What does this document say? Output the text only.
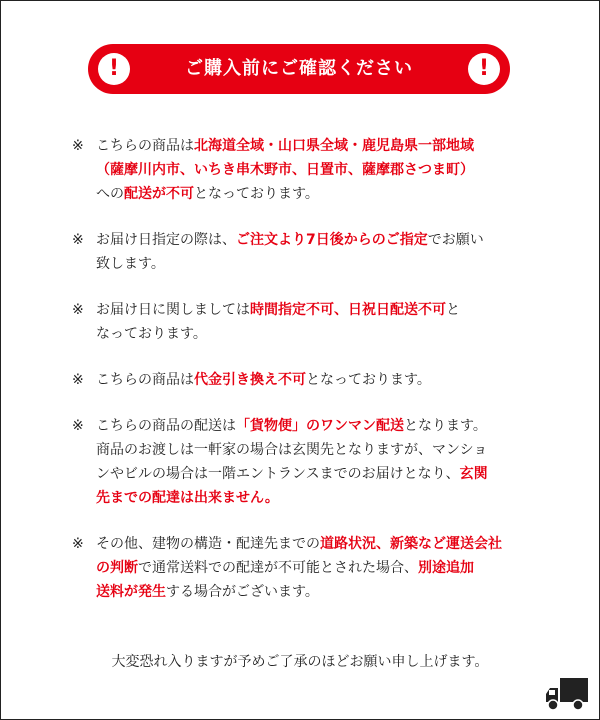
!	ご購入前にご確認ください	!
※ こちらの商品は北海道全域・山口県全域・鹿児島県一部地域
（薩摩川内市、いちき串木野市、日置市、薩摩郡さつま町）
への配送が不可となっております。
※ お届け日指定の際は、ご注文より7日後からのご指定でお願い
致します。
※ お届け日に関しましては時間指定不可、日祝日配送不可と
なっております。
※ こちらの商品は代金引き換え不可となっております。
※ こちらの商品の配送は「貨物便」のワンマン配送となります。
商品のお渡しは一軒家の場合は玄関先となりますが、マンショ
ンやビルの場合は一階エントランスまでのお届けとなり、玄関
先までの配達は出来ません。
※ その他、建物の構造・配達先までの道路状況、新築など運送会社
の判断で通常送料での配達が不可能とされた場合、別途追加
送料が発生する場合がございます。
大変恐れ入りますが予めご了承のほどお願い申し上げます。
